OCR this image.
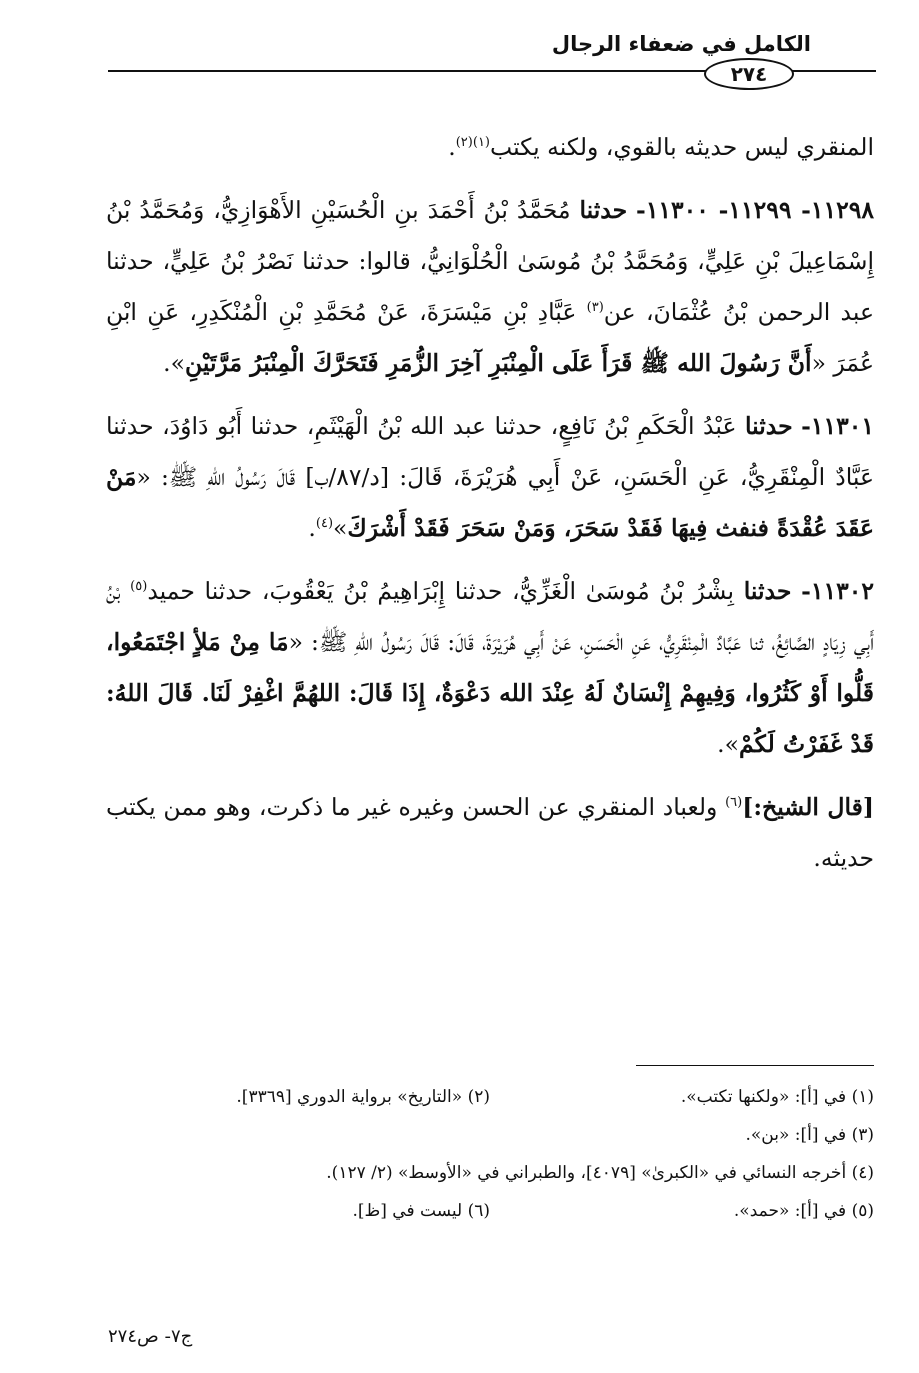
الكامل في ضعفاء الرجال
٢٧٤

المنقري ليس حديثه بالقوي، ولكنه يكتب$^{(١)(٢)}$.

١١٢٩٨- ١١٢٩٩- ١١٣٠٠- حدثنا مُحَمَّدُ بْنُ أَحْمَدَ بنِ الْحُسَيْنِ الأَهْوَازِيُّ، وَمُحَمَّدُ بْنُ إِسْمَاعِيلَ بْنِ عَلِيٍّ، وَمُحَمَّدُ بْنُ مُوسَىٰ الْحُلْوَانِيُّ، قالوا: حدثنا نَصْرُ بْنُ عَلِيٍّ، حدثنا عبد الرحمن بْنُ عُثْمَانَ، عن$^{(٣)}$ عَبَّادِ بْنِ مَيْسَرَةَ، عَنْ مُحَمَّدِ بْنِ الْمُنْكَدِرِ، عَنِ ابْنِ عُمَرَ «أَنَّ رَسُولَ الله ﷺ قَرَأَ عَلَى الْمِنْبَرِ آخِرَ الزُّمَرِ فَتَحَرَّكَ الْمِنْبَرُ مَرَّتَيْنِ».

١١٣٠١- حدثنا عَبْدُ الْحَكَمِ بْنُ نَافِعٍ، حدثنا عبد الله بْنُ الْهَيْثَمِ، حدثنا أَبُو دَاوُدَ، حدثنا عَبَّادٌ الْمِنْقَرِيُّ، عَنِ الْحَسَنِ، عَنْ أَبِي هُرَيْرَةَ، قَالَ: [د/٨٧/ب] قَالَ رَسُولُ اللهِ ﷺ: «مَنْ عَقَدَ عُقْدَةً فنفث فِيهَا فَقَدْ سَحَرَ، وَمَنْ سَحَرَ فَقَدْ أَشْرَكَ»$^{(٤)}$.

١١٣٠٢- حدثنا بِشْرُ بْنُ مُوسَىٰ الْغَزِّيُّ، حدثنا إِبْرَاهِيمُ بْنُ يَعْقُوبَ، حدثنا حميد$^{(٥)}$ بْنُ أَبِي زِيَادٍ الصَّائِغُ، ثنا عَبَّادٌ الْمِنْقَرِيُّ، عَنِ الْحَسَنِ، عَنْ أَبِي هُرَيْرَةَ، قَالَ: قَالَ رَسُولُ اللهِ ﷺ: «مَا مِنْ مَلأٍ اجْتَمَعُوا، قَلُّوا أَوْ كَثُرُوا، وَفِيهِمْ إِنْسَانٌ لَهُ عِنْدَ الله دَعْوَةٌ، إِذَا قَالَ: اللهُمَّ اغْفِرْ لَنَا. قَالَ اللهُ: قَدْ غَفَرْتُ لَكُمْ».

[قال الشيخ:]$^{(٦)}$ ولعباد المنقري عن الحسن وغيره غير ما ذكرت، وهو ممن يكتب حديثه.

(١) في [أ]: «ولكنها تكتب».
(٢) «التاريخ» برواية الدوري [٣٣٦٩].
(٣) في [أ]: «بن».
(٤) أخرجه النسائي في «الكبرىٰ» [٤٠٧٩]، والطبراني في «الأوسط» (٢/ ١٢٧).
(٥) في [أ]: «حمد».
(٦) ليست في [ظ].
ج٧- ص٢٧٤
